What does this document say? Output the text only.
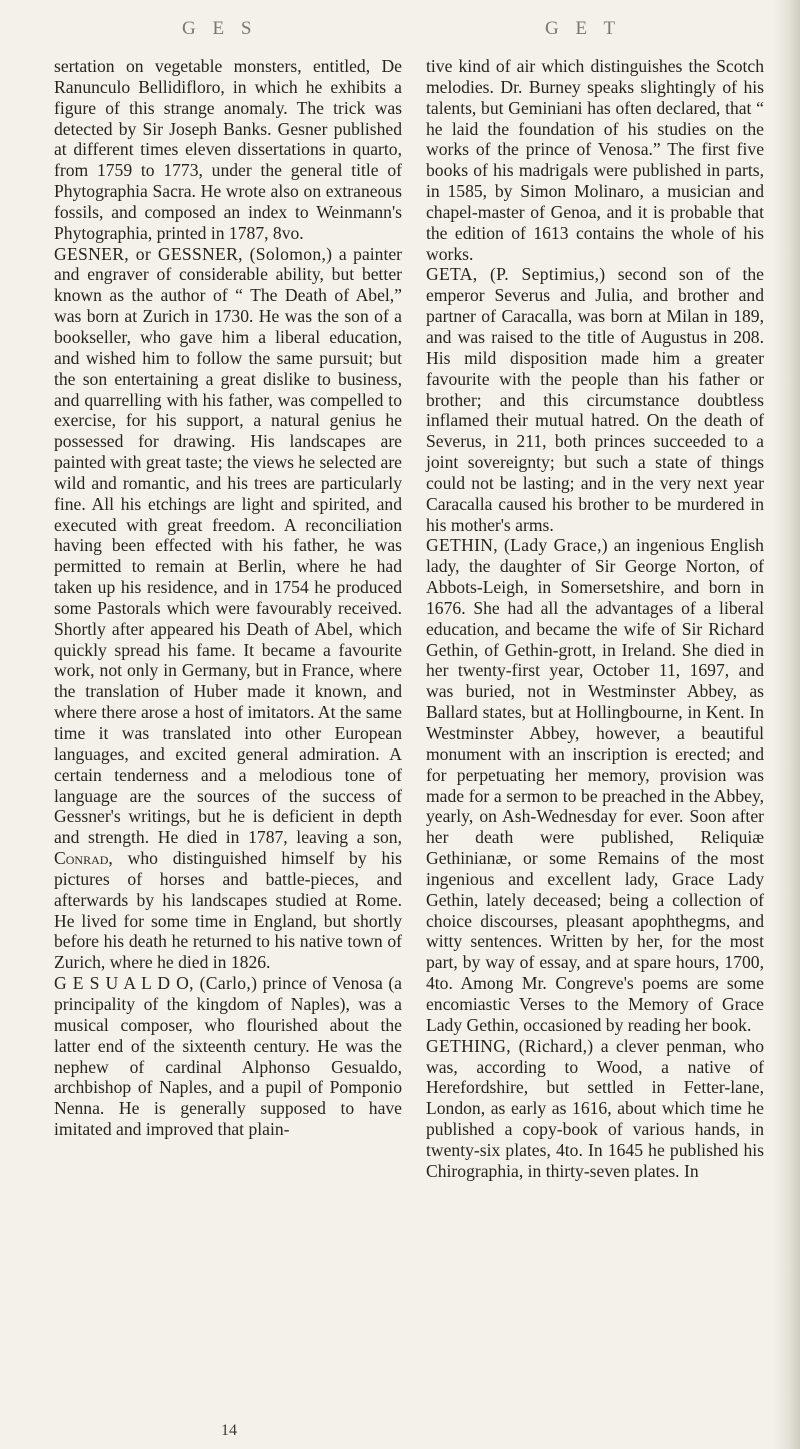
G E S	G E T

sertation on vegetable monsters, entitled, De Ranunculo Bellidifloro, in which he exhibits a figure of this strange anomaly. The trick was detected by Sir Joseph Banks. Gesner published at different times eleven dissertations in quarto, from 1759 to 1773, under the general title of Phytographia Sacra. He wrote also on extraneous fossils, and composed an index to Weinmann's Phytographia, printed in 1787, 8vo.

GESNER, or GESSNER, (Solomon,) a painter and engraver of considerable ability, but better known as the author of “ The Death of Abel,” was born at Zurich in 1730. He was the son of a bookseller, who gave him a liberal education, and wished him to follow the same pursuit; but the son entertaining a great dislike to business, and quarrelling with his father, was compelled to exercise, for his support, a natural genius he possessed for drawing. His landscapes are painted with great taste; the views he selected are wild and romantic, and his trees are particularly fine. All his etchings are light and spirited, and executed with great freedom. A reconciliation having been effected with his father, he was permitted to remain at Berlin, where he had taken up his residence, and in 1754 he produced some Pastorals which were favourably received. Shortly after appeared his Death of Abel, which quickly spread his fame. It became a favourite work, not only in Germany, but in France, where the translation of Huber made it known, and where there arose a host of imitators. At the same time it was translated into other European languages, and excited general admiration. A certain tenderness and a melodious tone of language are the sources of the success of Gessner's writings, but he is deficient in depth and strength. He died in 1787, leaving a son, Conrad, who distinguished himself by his pictures of horses and battle-pieces, and afterwards by his landscapes studied at Rome. He lived for some time in England, but shortly before his death he returned to his native town of Zurich, where he died in 1826.

G E S U A L D O, (Carlo,) prince of Venosa (a principality of the kingdom of Naples), was a musical composer, who flourished about the latter end of the sixteenth century. He was the nephew of cardinal Alphonso Gesualdo, archbishop of Naples, and a pupil of Pomponio Nenna. He is generally supposed to have imitated and improved that plain-

tive kind of air which distinguishes the Scotch melodies. Dr. Burney speaks slightingly of his talents, but Geminiani has often declared, that “ he laid the foundation of his studies on the works of the prince of Venosa.” The first five books of his madrigals were published in parts, in 1585, by Simon Molinaro, a musician and chapel-master of Genoa, and it is probable that the edition of 1613 contains the whole of his works.

GETA, (P. Septimius,) second son of the emperor Severus and Julia, and brother and partner of Caracalla, was born at Milan in 189, and was raised to the title of Augustus in 208. His mild disposition made him a greater favourite with the people than his father or brother; and this circumstance doubtless inflamed their mutual hatred. On the death of Severus, in 211, both princes succeeded to a joint sovereignty; but such a state of things could not be lasting; and in the very next year Caracalla caused his brother to be murdered in his mother's arms.

GETHIN, (Lady Grace,) an ingenious English lady, the daughter of Sir George Norton, of Abbots-Leigh, in Somersetshire, and born in 1676. She had all the advantages of a liberal education, and became the wife of Sir Richard Gethin, of Gethin-grott, in Ireland. She died in her twenty-first year, October 11, 1697, and was buried, not in Westminster Abbey, as Ballard states, but at Hollingbourne, in Kent. In Westminster Abbey, however, a beautiful monument with an inscription is erected; and for perpetuating her memory, provision was made for a sermon to be preached in the Abbey, yearly, on Ash-Wednesday for ever. Soon after her death were published, Reliquiæ Gethinianæ, or some Remains of the most ingenious and excellent lady, Grace Lady Gethin, lately deceased; being a collection of choice discourses, pleasant apophthegms, and witty sentences. Written by her, for the most part, by way of essay, and at spare hours, 1700, 4to. Among Mr. Congreve's poems are some encomiastic Verses to the Memory of Grace Lady Gethin, occasioned by reading her book.

GETHING, (Richard,) a clever penman, who was, according to Wood, a native of Herefordshire, but settled in Fetter-lane, London, as early as 1616, about which time he published a copy-book of various hands, in twenty-six plates, 4to. In 1645 he published his Chirographia, in thirty-seven plates. In

14
